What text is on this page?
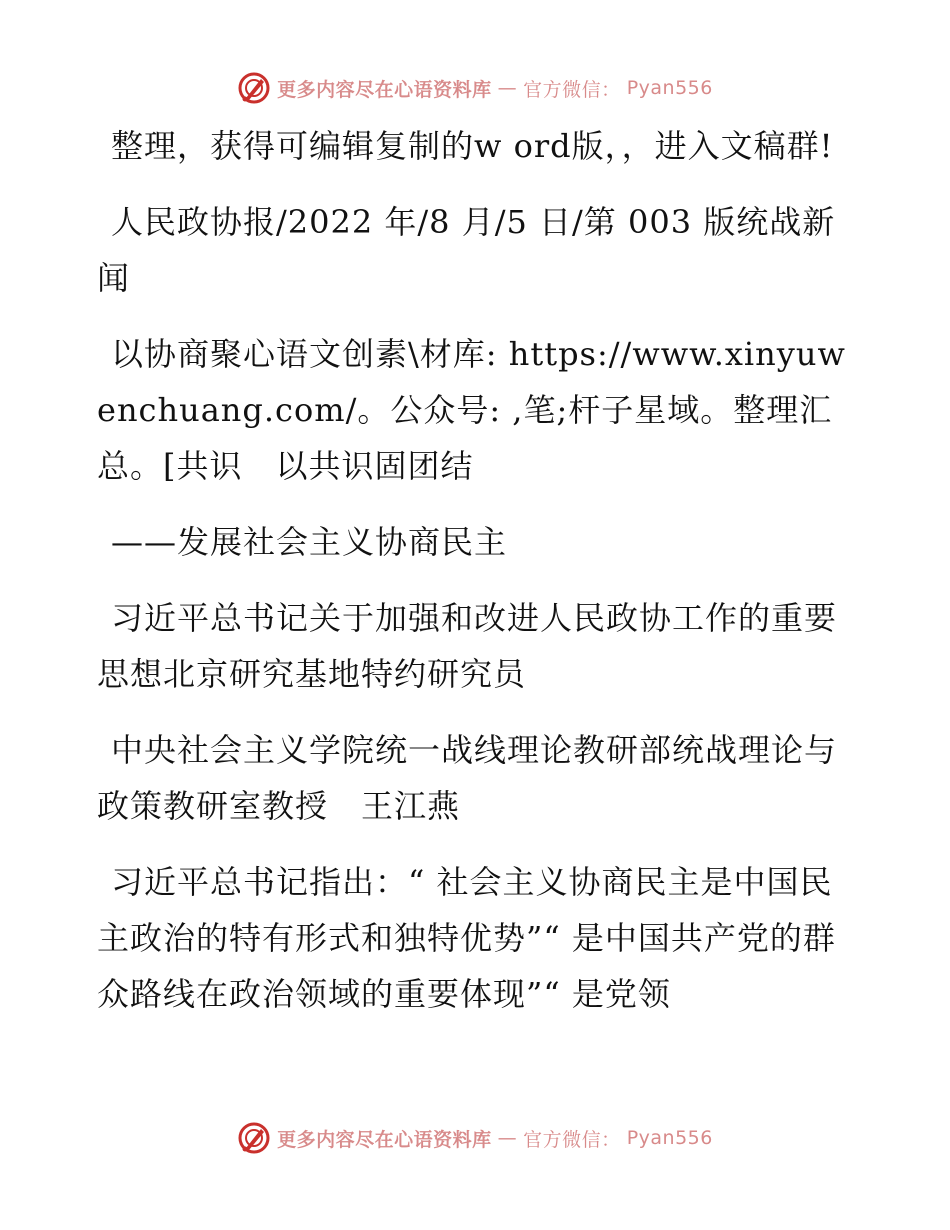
更多内容尽在心语资料库 — 官方微信： Pyan556

整理，获得可编辑复制的w ord版，，进入文稿群!

人民政协报/2022 年/8 月/5 日/第 003 版统战新闻

以协商聚心语文创素\材库: https://www.xinyuwenchuang.com/。公众号: ,笔;杆子星域。整理汇总。[共识　以共识固团结

——发展社会主义协商民主

习近平总书记关于加强和改进人民政协工作的重要思想北京研究基地特约研究员

中央社会主义学院统一战线理论教研部统战理论与政策教研室教授　王江燕

习近平总书记指出：“ 社会主义协商民主是中国民主政治的特有形式和独特优势”“ 是中国共产党的群众路线在政治领域的重要体现”“ 是党领

更多内容尽在心语资料库 — 官方微信： Pyan556
